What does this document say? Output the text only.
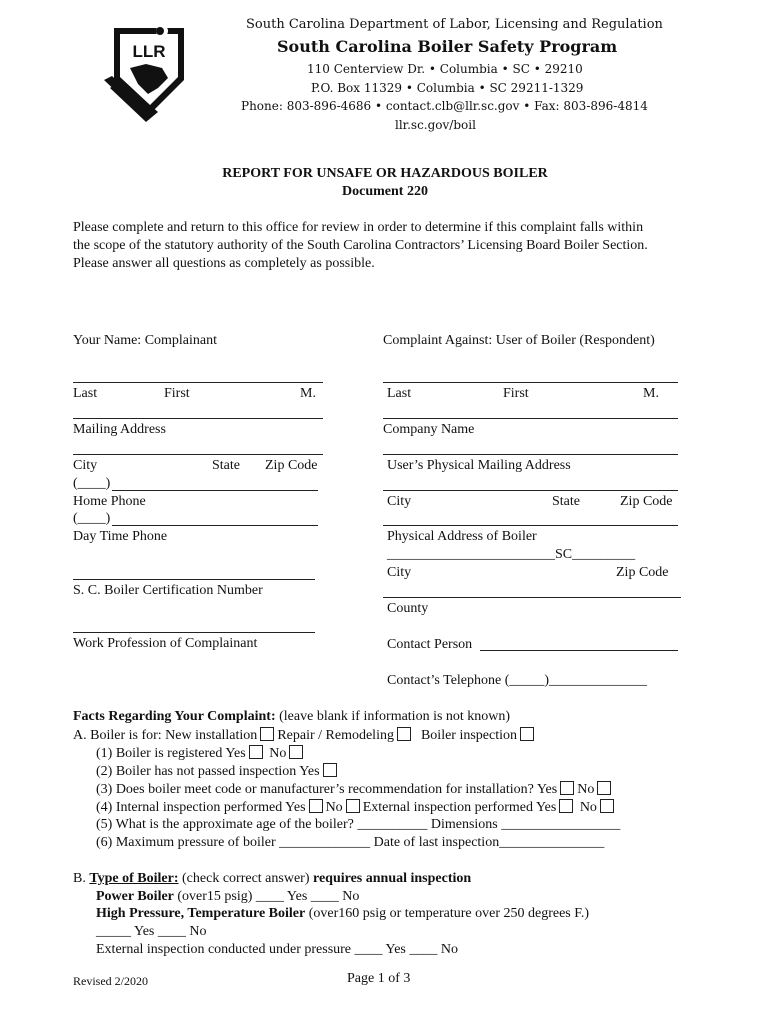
LLR
South Carolina Department of Labor, Licensing and Regulation
South Carolina Boiler Safety Program
110 Centerview Dr. • Columbia • SC • 29210
P.O. Box 11329 • Columbia • SC 29211-1329
Phone: 803-896-4686 • contact.clb@llr.sc.gov • Fax: 803-896-4814
llr.sc.gov/boil
REPORT FOR UNSAFE OR HAZARDOUS BOILER
Document 220
Please complete and return to this office for review in order to determine if this complaint falls within
the scope of the statutory authority of the South Carolina Contractors’ Licensing Board Boiler Section.
Please answer all questions as completely as possible.
Your Name: Complainant
Last	First	M.
Mailing Address
City	State Zip Code
(____)
Home Phone
(____)
Day Time Phone
S. C. Boiler Certification Number
Work Profession of Complainant
Complaint Against: User of Boiler (Respondent)
Last	First	M.
Company Name
User’s Physical Mailing Address
City	State	Zip Code
Physical Address of Boiler
________________________SC_________
City	Zip Code
County
Contact Person
Contact’s Telephone (_____)______________
Facts Regarding Your Complaint: (leave blank if information is not known)
A. Boiler is for: New installation Repair / Remodeling Boiler inspection
(1) Boiler is registered Yes No
(2) Boiler has not passed inspection Yes
(3) Does boiler meet code or manufacturer’s recommendation for installation? Yes No
(4) Internal inspection performed Yes No External inspection performed Yes No
(5) What is the approximate age of the boiler? __________ Dimensions _________________
(6) Maximum pressure of boiler _____________ Date of last inspection_______________
B. Type of Boiler: (check correct answer) requires annual inspection
Power Boiler (over15 psig) ____ Yes ____ No
High Pressure, Temperature Boiler (over160 psig or temperature over 250 degrees F.)
_____ Yes ____ No
External inspection conducted under pressure ____ Yes ____ No
Revised 2/2020	Page 1 of 3
